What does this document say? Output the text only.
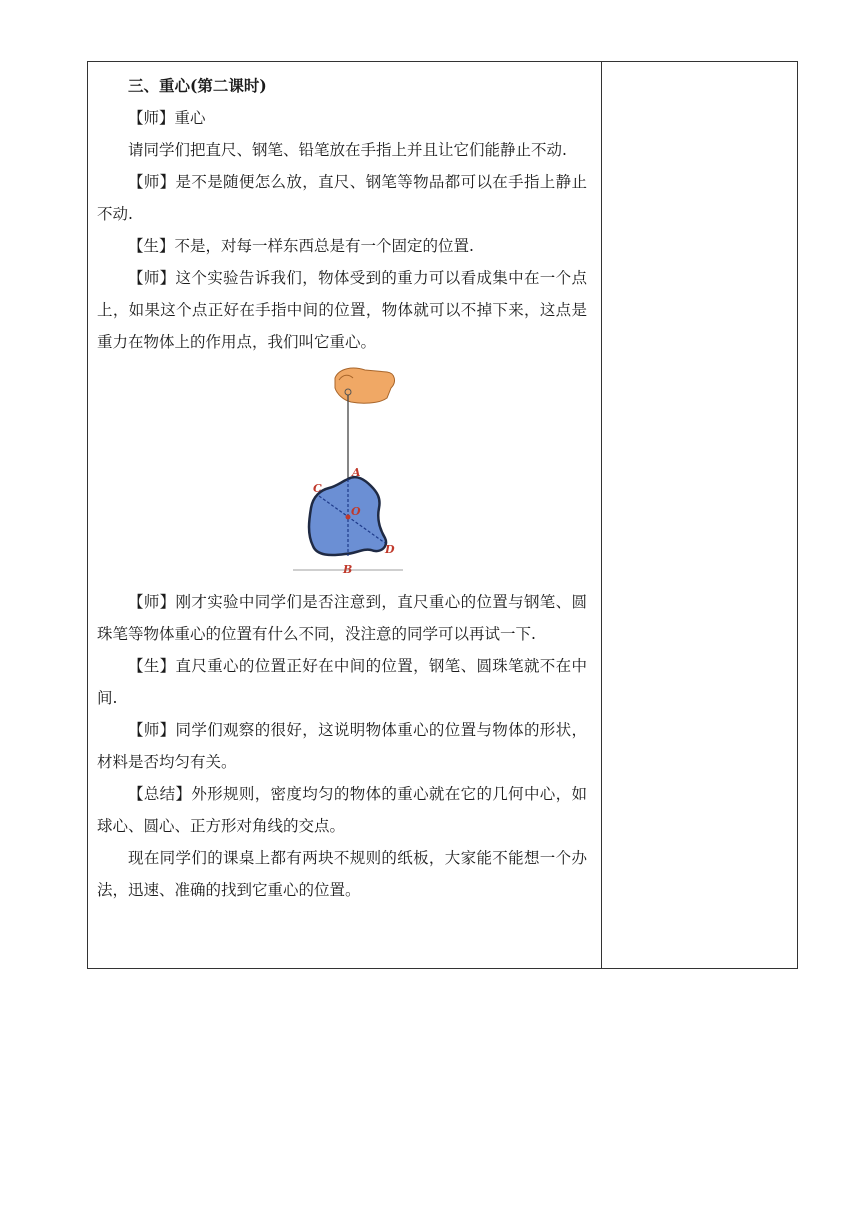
三、重心(第二课时)

【师】重心

请同学们把直尺、钢笔、铅笔放在手指上并且让它们能静止不动.

【师】是不是随便怎么放，直尺、钢笔等物品都可以在手指上静止不动.

【生】不是，对每一样东西总是有一个固定的位置.

【师】这个实验告诉我们，物体受到的重力可以看成集中在一个点上，如果这个点正好在手指中间的位置，物体就可以不掉下来，这点是重力在物体上的作用点，我们叫它重心。

A
C
O
D
B

【师】刚才实验中同学们是否注意到，直尺重心的位置与钢笔、圆珠笔等物体重心的位置有什么不同，没注意的同学可以再试一下.

【生】直尺重心的位置正好在中间的位置，钢笔、圆珠笔就不在中间.

【师】同学们观察的很好，这说明物体重心的位置与物体的形状，材料是否均匀有关。

【总结】外形规则，密度均匀的物体的重心就在它的几何中心，如球心、圆心、正方形对角线的交点。

现在同学们的课桌上都有两块不规则的纸板，大家能不能想一个办法，迅速、准确的找到它重心的位置。
